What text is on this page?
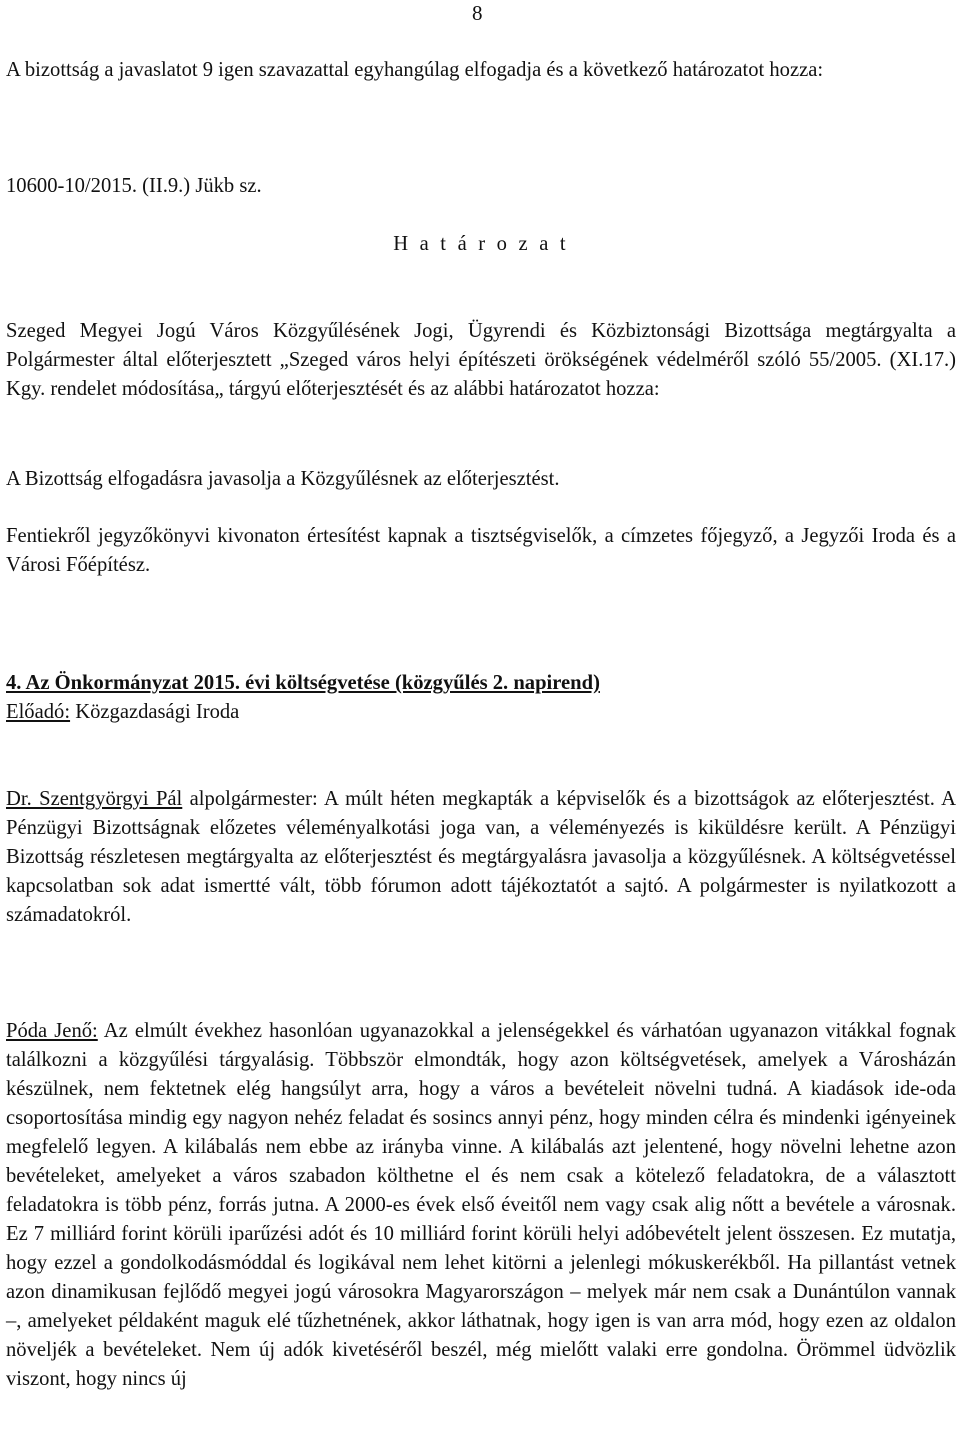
8

A bizottság a javaslatot 9 igen szavazattal egyhangúlag elfogadja és a következő határozatot hozza:

10600-10/2015. (II.9.) Jükb sz.

H a t á r o z a t

Szeged Megyei Jogú Város Közgyűlésének Jogi, Ügyrendi és Közbiztonsági Bizottsága megtárgyalta a Polgármester által előterjesztett „Szeged város helyi építészeti örökségének védelméről szóló 55/2005. (XI.17.) Kgy. rendelet módosítása„ tárgyú előterjesztését és az alábbi határozatot hozza:

A Bizottság elfogadásra javasolja a Közgyűlésnek az előterjesztést.

Fentiekről jegyzőkönyvi kivonaton értesítést kapnak a tisztségviselők, a címzetes főjegyző, a Jegyzői Iroda és a Városi Főépítész.

4. Az Önkormányzat 2015. évi költségvetése (közgyűlés 2. napirend)

Előadó: Közgazdasági Iroda

Dr. Szentgyörgyi Pál alpolgármester: A múlt héten megkapták a képviselők és a bizottságok az előterjesztést. A Pénzügyi Bizottságnak előzetes véleményalkotási joga van, a véleményezés is kiküldésre került. A Pénzügyi Bizottság részletesen megtárgyalta az előterjesztést és megtárgyalásra javasolja a közgyűlésnek. A költségvetéssel kapcsolatban sok adat ismertté vált, több fórumon adott tájékoztatót a sajtó. A polgármester is nyilatkozott a számadatokról.

Póda Jenő: Az elmúlt évekhez hasonlóan ugyanazokkal a jelenségekkel és várhatóan ugyanazon vitákkal fognak találkozni a közgyűlési tárgyalásig. Többször elmondták, hogy azon költségvetések, amelyek a Városházán készülnek, nem fektetnek elég hangsúlyt arra, hogy a város a bevételeit növelni tudná. A kiadások ide-oda csoportosítása mindig egy nagyon nehéz feladat és sosincs annyi pénz, hogy minden célra és mindenki igényeinek megfelelő legyen. A kilábalás nem ebbe az irányba vinne. A kilábalás azt jelentené, hogy növelni lehetne azon bevételeket, amelyeket a város szabadon költhetne el és nem csak a kötelező feladatokra, de a választott feladatokra is több pénz, forrás jutna. A 2000-es évek első éveitől nem vagy csak alig nőtt a bevétele a városnak. Ez 7 milliárd forint körüli iparűzési adót és 10 milliárd forint körüli helyi adóbevételt jelent összesen. Ez mutatja, hogy ezzel a gondolkodásmóddal és logikával nem lehet kitörni a jelenlegi mókuskerékből. Ha pillantást vetnek azon dinamikusan fejlődő megyei jogú városokra Magyarországon – melyek már nem csak a Dunántúlon vannak –, amelyeket példaként maguk elé tűzhetnének, akkor láthatnak, hogy igen is van arra mód, hogy ezen az oldalon növeljék a bevételeket. Nem új adók kivetéséről beszél, még mielőtt valaki erre gondolna. Örömmel üdvözlik viszont, hogy nincs új
